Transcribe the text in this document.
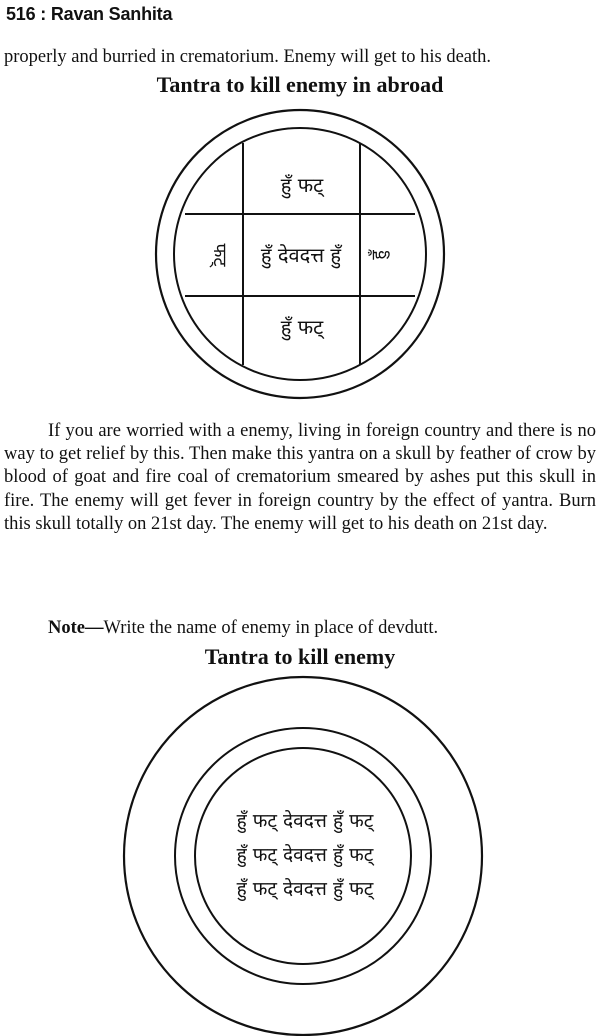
516 : Ravan Sanhita
properly and burried in crematorium. Enemy will get to his death.
Tantra to kill enemy in abroad
हुँ फट्
हुँ देवदत्त हुँ
हुँ फट्
फट्	हुँ

If you are worried with a enemy, living in foreign country and there is no way to get relief by this. Then make this yantra on a skull by feather of crow by blood of goat and fire coal of crematorium smeared by ashes put this skull in fire. The enemy will get fever in foreign country by the effect of yantra. Burn this skull totally on 21st day. The enemy will get to his death on 21st day.

Note—Write the name of enemy in place of devdutt.
Tantra to kill enemy
हुँ फट् देवदत्त हुँ फट्
हुँ फट् देवदत्त हुँ फट्
हुँ फट् देवदत्त हुँ फट्
